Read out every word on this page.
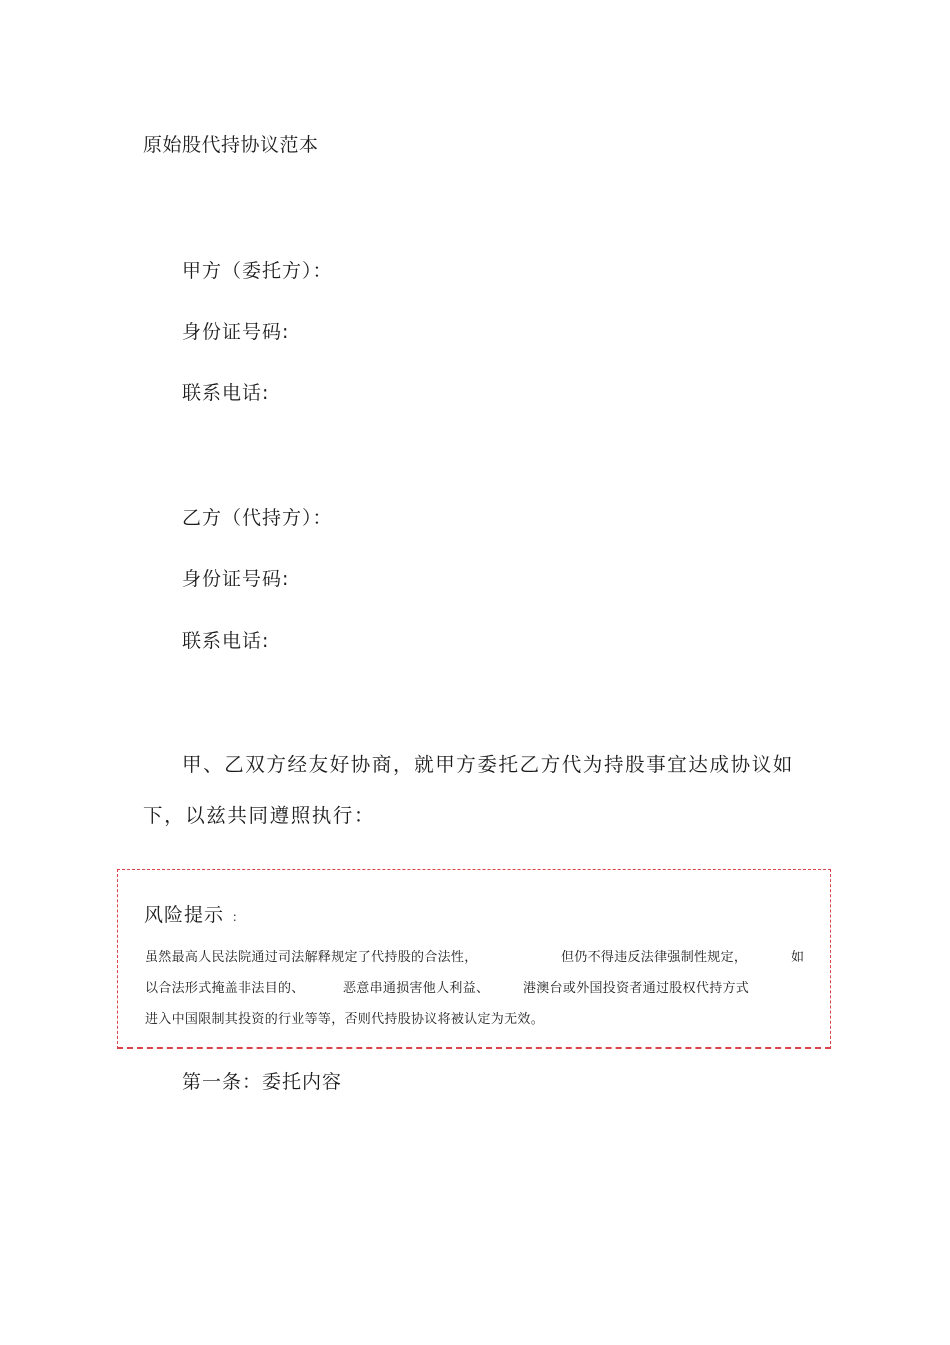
原始股代持协议范本
甲方（委托方）：
身份证号码:
联系电话:
乙方（代持方）：
身份证号码:
联系电话:
甲、乙双方经友好协商，就甲方委托乙方代为持股事宜达成协议如
下，以兹共同遵照执行：
风险提示 ：
虽然最高人民法院通过司法解释规定了代持股的合法性，	但仍不得违反法律强制性规定，	如
以合法形式掩盖非法目的、	恶意串通损害他人利益、	港澳台或外国投资者通过股权代持方式
进入中国限制其投资的行业等等，否则代持股协议将被认定为无效。
第一条：委托内容
